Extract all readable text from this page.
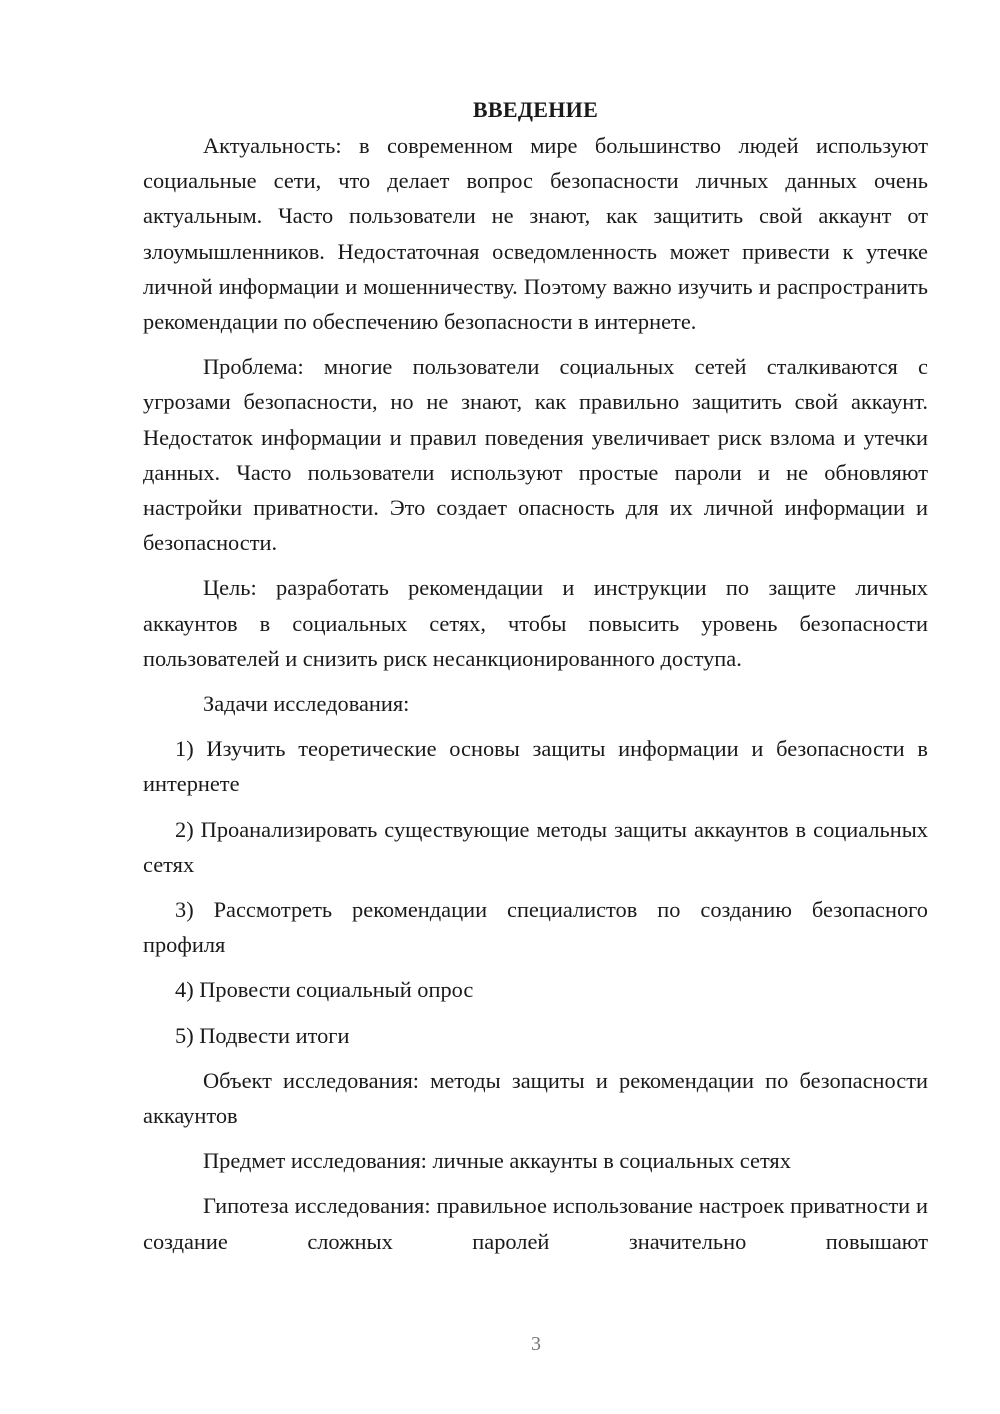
ВВЕДЕНИЕ

Актуальность: в современном мире большинство людей используют социальные сети, что делает вопрос безопасности личных данных очень актуальным. Часто пользователи не знают, как защитить свой аккаунт от злоумышленников. Недостаточная осведомленность может привести к утечке личной информации и мошенничеству. Поэтому важно изучить и распространить рекомендации по обеспечению безопасности в интернете.

Проблема: многие пользователи социальных сетей сталкиваются с угрозами безопасности, но не знают, как правильно защитить свой аккаунт. Недостаток информации и правил поведения увеличивает риск взлома и утечки данных. Часто пользователи используют простые пароли и не обновляют настройки приватности. Это создает опасность для их личной информации и безопасности.

Цель: разработать рекомендации и инструкции по защите личных аккаунтов в социальных сетях, чтобы повысить уровень безопасности пользователей и снизить риск несанкционированного доступа.

Задачи исследования:

1) Изучить теоретические основы защиты информации и безопасности в интернете

2) Проанализировать существующие методы защиты аккаунтов в социальных сетях

3) Рассмотреть рекомендации специалистов по созданию безопасного профиля

4) Провести социальный опрос

5) Подвести итоги

Объект исследования: методы защиты и рекомендации по безопасности аккаунтов

Предмет исследования: личные аккаунты в социальных сетях

Гипотеза исследования: правильное использование настроек приватности и создание сложных паролей значительно повышают

3
